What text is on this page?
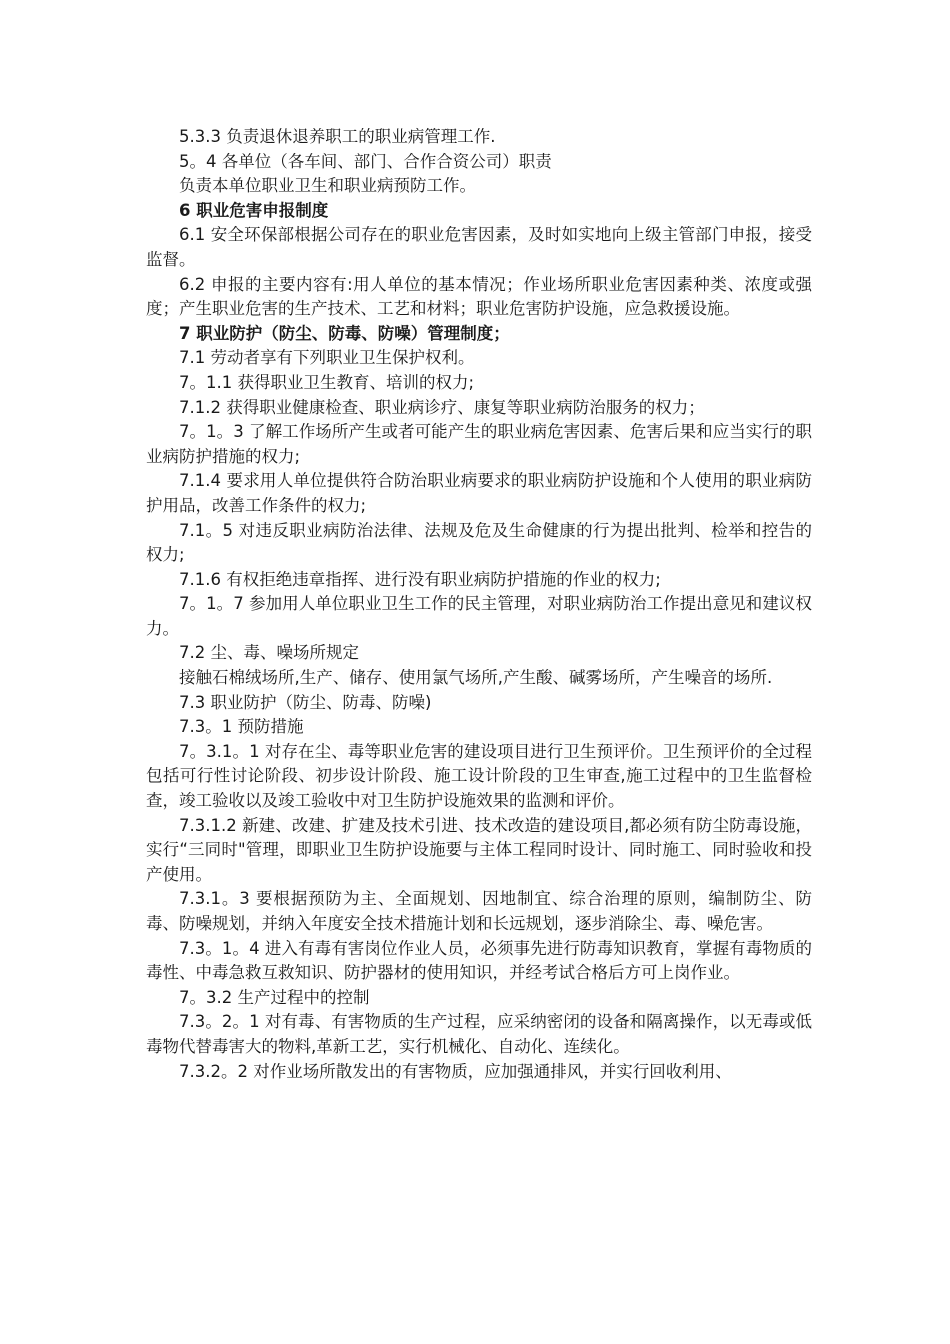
5.3.3 负责退休退养职工的职业病管理工作.

5。4 各单位（各车间、部门、合作合资公司）职责

负责本单位职业卫生和职业病预防工作。

6 职业危害申报制度

6.1 安全环保部根据公司存在的职业危害因素，及时如实地向上级主管部门申报，接受监督。

6.2 申报的主要内容有:用人单位的基本情况；作业场所职业危害因素种类、浓度或强度；产生职业危害的生产技术、工艺和材料；职业危害防护设施，应急救援设施。

7 职业防护（防尘、防毒、防噪）管理制度；

7.1 劳动者享有下列职业卫生保护权利。

7。1.1 获得职业卫生教育、培训的权力;

7.1.2 获得职业健康检查、职业病诊疗、康复等职业病防治服务的权力；

7。1。3 了解工作场所产生或者可能产生的职业病危害因素、危害后果和应当实行的职业病防护措施的权力;

7.1.4 要求用人单位提供符合防治职业病要求的职业病防护设施和个人使用的职业病防护用品，改善工作条件的权力;

7.1。5 对违反职业病防治法律、法规及危及生命健康的行为提出批判、检举和控告的权力;

7.1.6 有权拒绝违章指挥、进行没有职业病防护措施的作业的权力;

7。1。7 参加用人单位职业卫生工作的民主管理，对职业病防治工作提出意见和建议权力。

7.2 尘、毒、噪场所规定

接触石棉绒场所,生产、储存、使用氯气场所,产生酸、碱雾场所，产生噪音的场所.

7.3 职业防护（防尘、防毒、防噪)

7.3。1 预防措施

7。3.1。1 对存在尘、毒等职业危害的建设项目进行卫生预评价。卫生预评价的全过程包括可行性讨论阶段、初步设计阶段、施工设计阶段的卫生审查,施工过程中的卫生监督检查，竣工验收以及竣工验收中对卫生防护设施效果的监测和评价。

7.3.1.2 新建、改建、扩建及技术引进、技术改造的建设项目,都必须有防尘防毒设施，实行“三同时"管理，即职业卫生防护设施要与主体工程同时设计、同时施工、同时验收和投产使用。

7.3.1。3 要根据预防为主、全面规划、因地制宜、综合治理的原则，编制防尘、防毒、防噪规划，并纳入年度安全技术措施计划和长远规划，逐步消除尘、毒、噪危害。

7.3。1。4 进入有毒有害岗位作业人员，必须事先进行防毒知识教育，掌握有毒物质的毒性、中毒急救互救知识、防护器材的使用知识，并经考试合格后方可上岗作业。

7。3.2 生产过程中的控制

7.3。2。1 对有毒、有害物质的生产过程，应采纳密闭的设备和隔离操作，以无毒或低毒物代替毒害大的物料,革新工艺，实行机械化、自动化、连续化。

7.3.2。2 对作业场所散发出的有害物质，应加强通排风，并实行回收利用、
